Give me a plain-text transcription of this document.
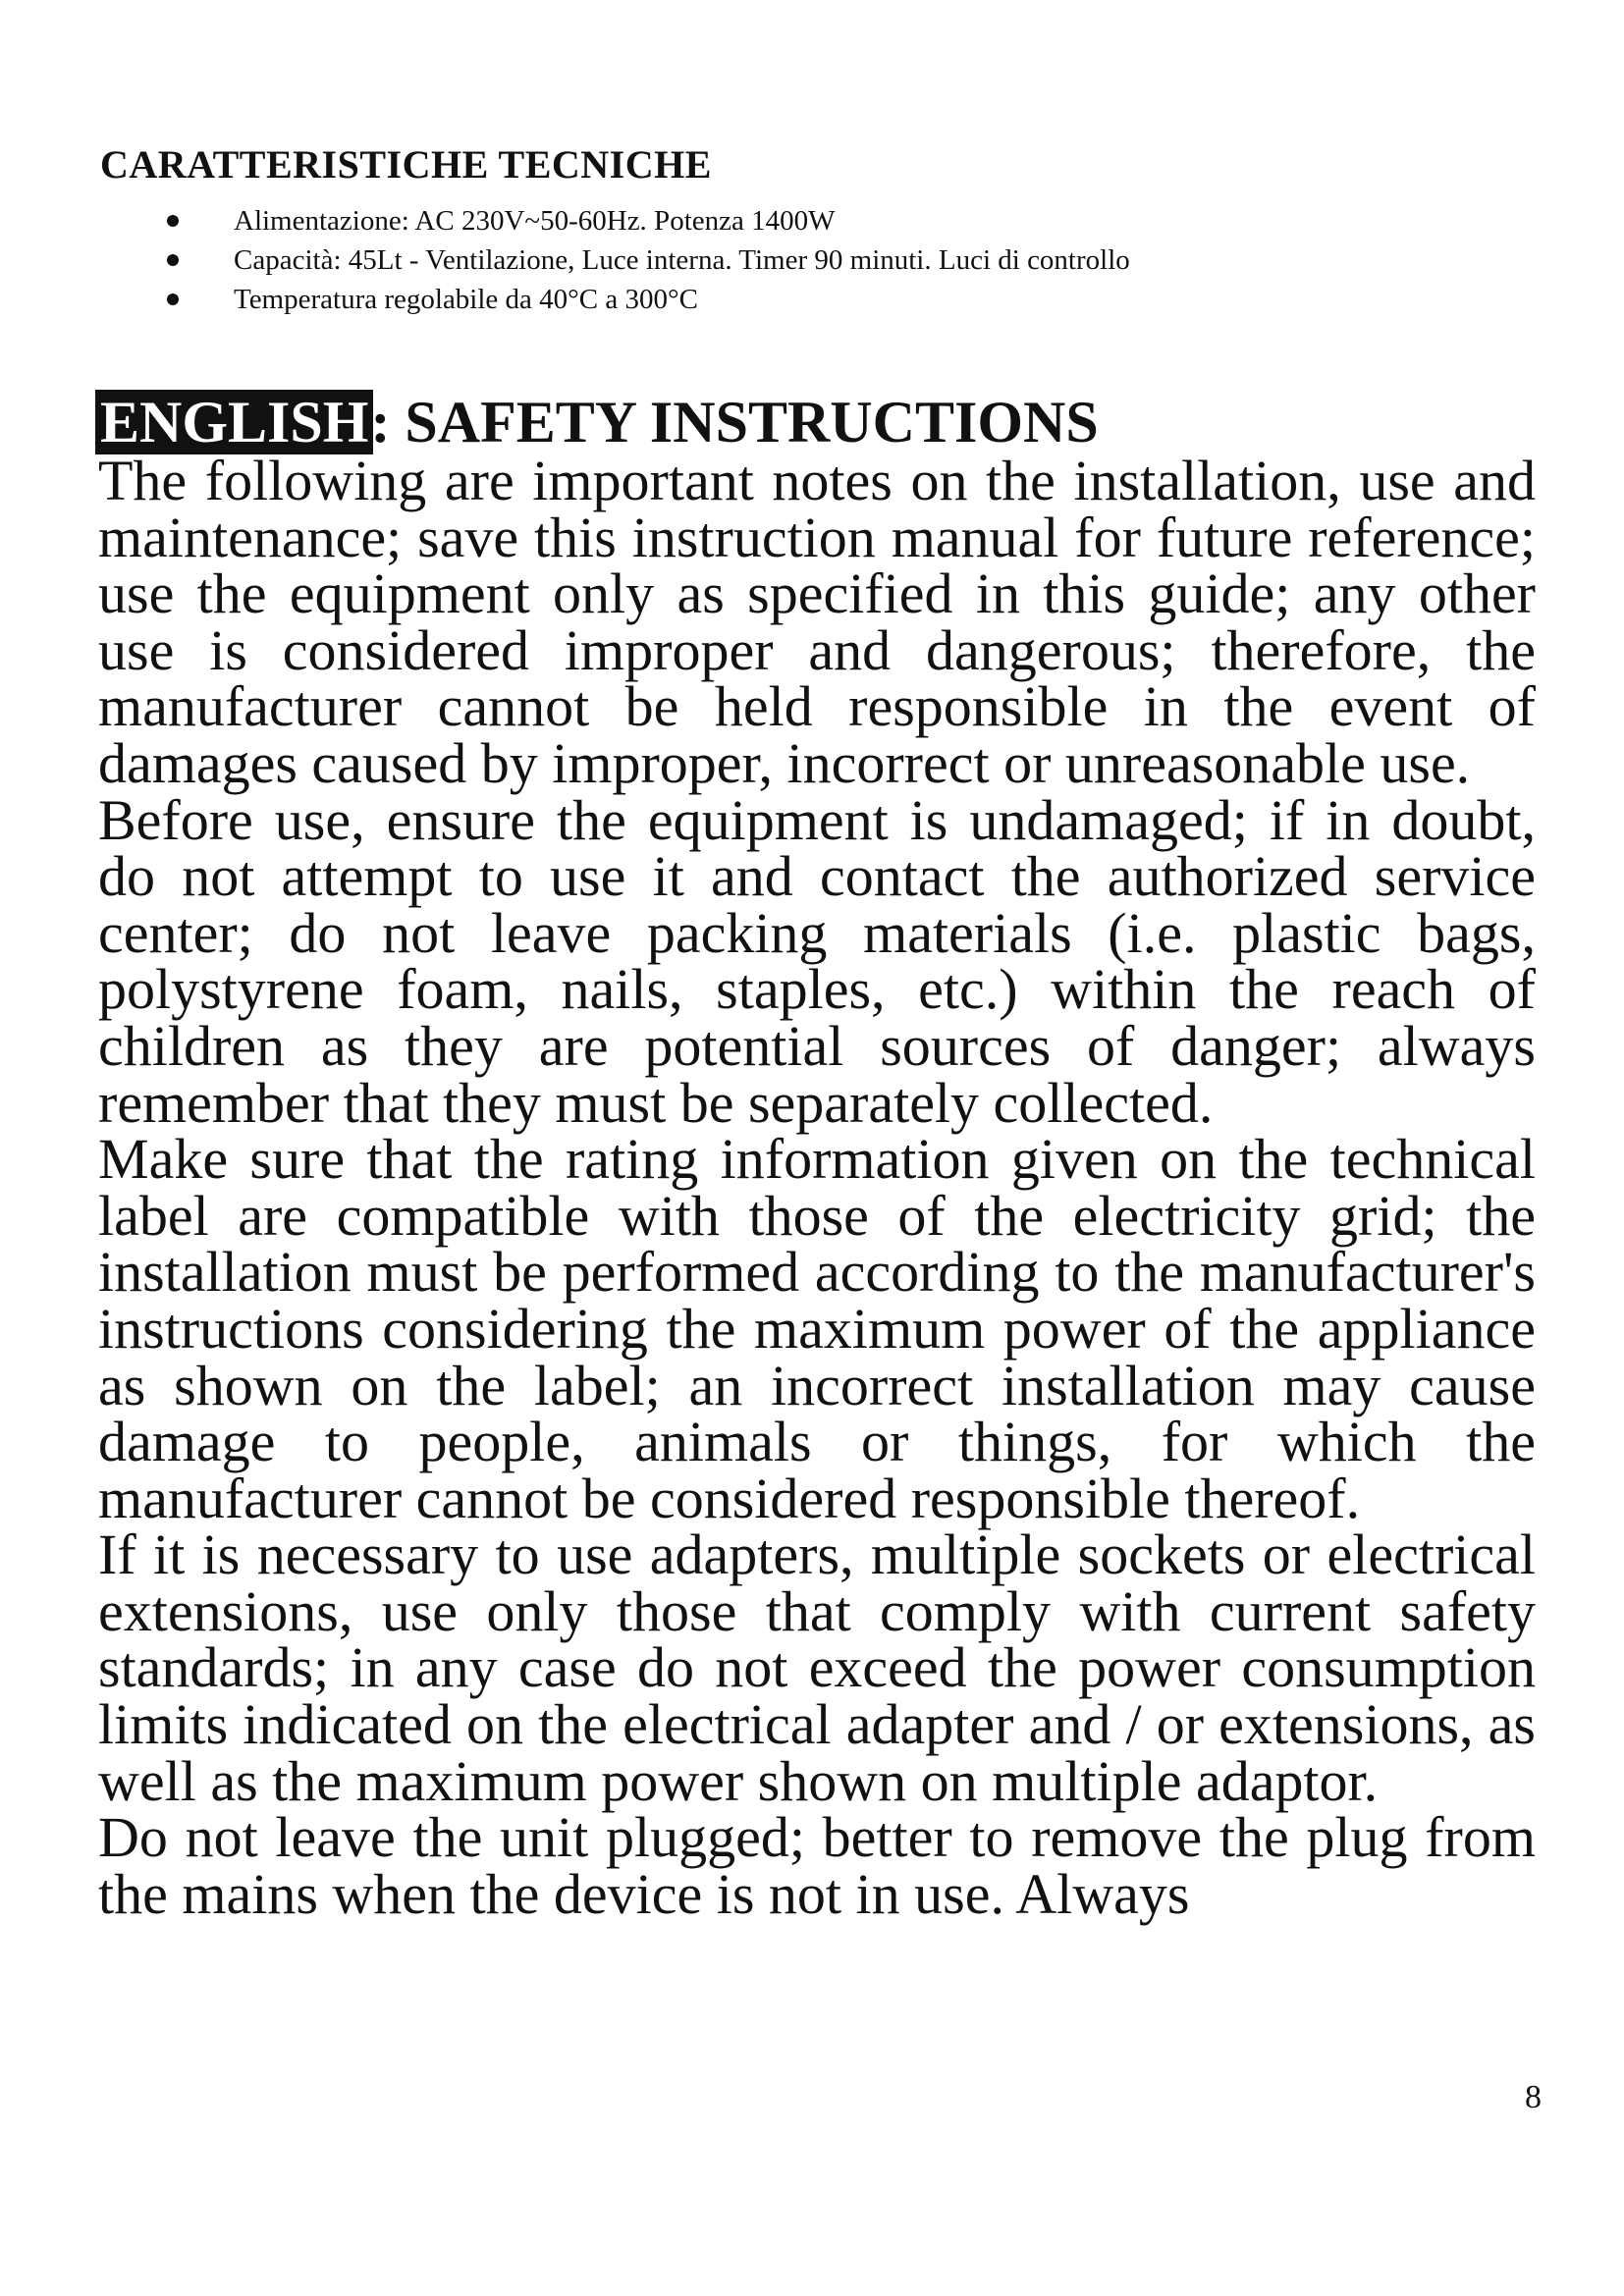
CARATTERISTICHE TECNICHE
Alimentazione: AC 230V~50-60Hz. Potenza 1400W
Capacità: 45Lt - Ventilazione, Luce interna. Timer 90 minuti. Luci di controllo
Temperatura regolabile da 40°C a 300°C
ENGLISH: SAFETY INSTRUCTIONS

The following are important notes on the installation, use and maintenance; save this instruction manual for future reference; use the equipment only as specified in this guide; any other use is considered improper and dangerous; therefore, the manufacturer cannot be held responsible in the event of damages caused by improper, incorrect or unreasonable use.
Before use, ensure the equipment is undamaged; if in doubt, do not attempt to use it and contact the authorized service center; do not leave packing materials (i.e. plastic bags, polystyrene foam, nails, staples, etc.) within the reach of children as they are potential sources of danger; always remember that they must be separately collected.
Make sure that the rating information given on the technical label are compatible with those of the electricity grid; the installation must be performed according to the manufacturer's instructions considering the maximum power of the appliance as shown on the label; an incorrect installation may cause damage to people, animals or things, for which the manufacturer cannot be considered responsible thereof.
If it is necessary to use adapters, multiple sockets or electrical extensions, use only those that comply with current safety standards; in any case do not exceed the power consumption limits indicated on the electrical adapter and / or extensions, as well as the maximum power shown on multiple adaptor.
Do not leave the unit plugged; better to remove the plug from the mains when the device is not in use. Always

8
